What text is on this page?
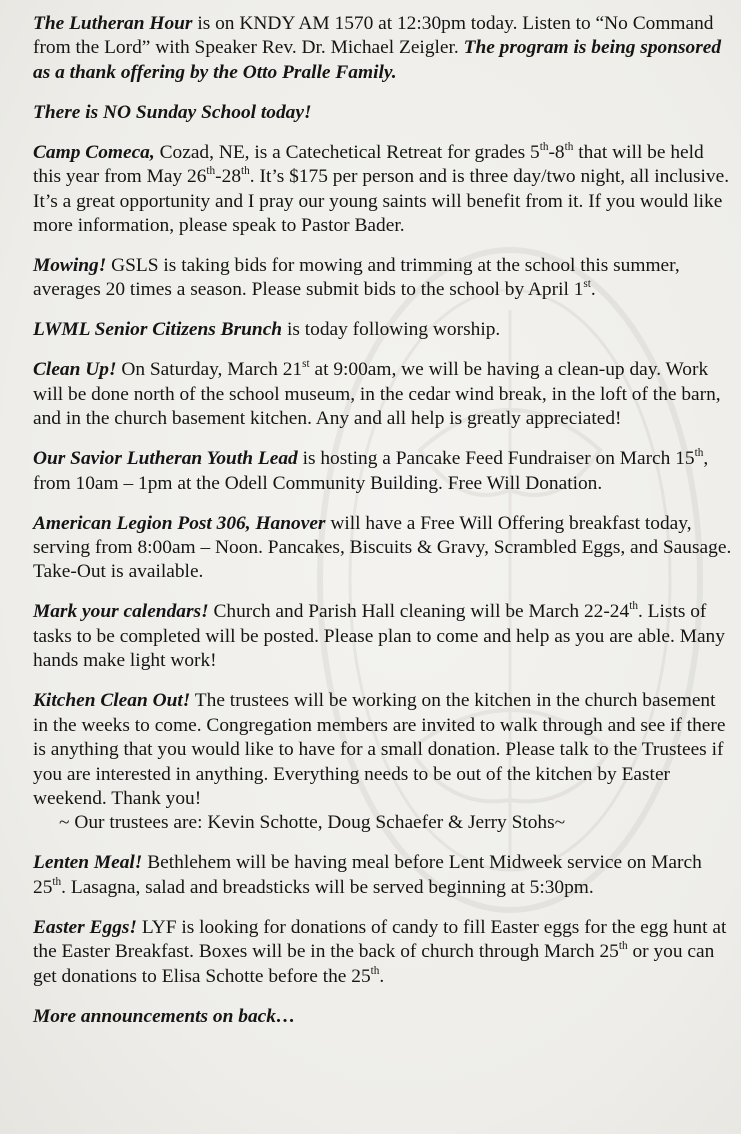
The Lutheran Hour is on KNDY AM 1570 at 12:30pm today. Listen to “No Command from the Lord” with Speaker Rev. Dr. Michael Zeigler. The program is being sponsored as a thank offering by the Otto Pralle Family.

There is NO Sunday School today!

Camp Comeca, Cozad, NE, is a Catechetical Retreat for grades 5th-8th that will be held this year from May 26th-28th. It’s $175 per person and is three day/two night, all inclusive. It’s a great opportunity and I pray our young saints will benefit from it. If you would like more information, please speak to Pastor Bader.

Mowing! GSLS is taking bids for mowing and trimming at the school this summer, averages 20 times a season. Please submit bids to the school by April 1st.

LWML Senior Citizens Brunch is today following worship.

Clean Up! On Saturday, March 21st at 9:00am, we will be having a clean-up day. Work will be done north of the school museum, in the cedar wind break, in the loft of the barn, and in the church basement kitchen. Any and all help is greatly appreciated!

Our Savior Lutheran Youth Lead is hosting a Pancake Feed Fundraiser on March 15th, from 10am – 1pm at the Odell Community Building. Free Will Donation.

American Legion Post 306, Hanover will have a Free Will Offering breakfast today, serving from 8:00am – Noon. Pancakes, Biscuits & Gravy, Scrambled Eggs, and Sausage. Take-Out is available.

Mark your calendars! Church and Parish Hall cleaning will be March 22-24th. Lists of tasks to be completed will be posted. Please plan to come and help as you are able. Many hands make light work!

Kitchen Clean Out! The trustees will be working on the kitchen in the church basement in the weeks to come. Congregation members are invited to walk through and see if there is anything that you would like to have for a small donation. Please talk to the Trustees if you are interested in anything. Everything needs to be out of the kitchen by Easter weekend. Thank you!
~ Our trustees are: Kevin Schotte, Doug Schaefer & Jerry Stohs~

Lenten Meal! Bethlehem will be having meal before Lent Midweek service on March 25th. Lasagna, salad and breadsticks will be served beginning at 5:30pm.

Easter Eggs! LYF is looking for donations of candy to fill Easter eggs for the egg hunt at the Easter Breakfast. Boxes will be in the back of church through March 25th or you can get donations to Elisa Schotte before the 25th.

More announcements on back…
